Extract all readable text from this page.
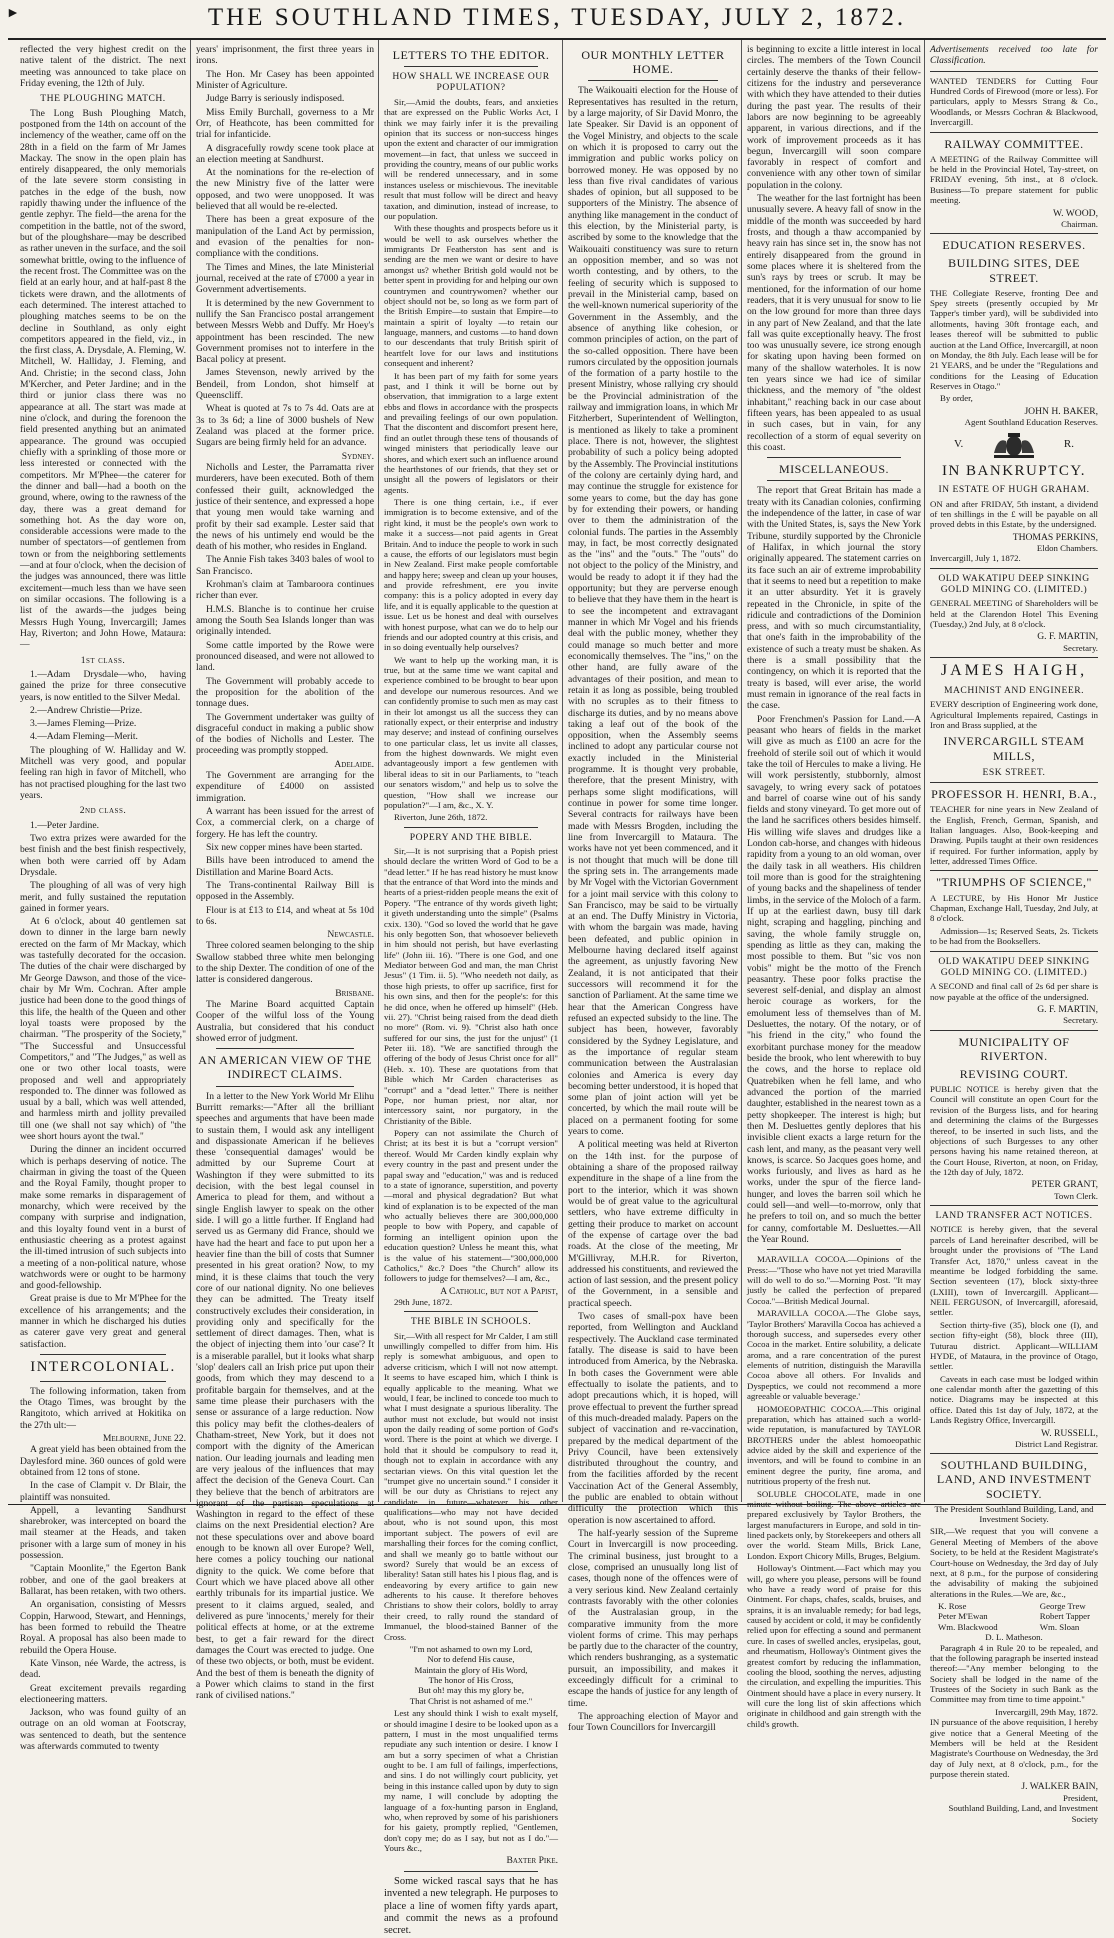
►	THE SOUTHLAND TIMES, TUESDAY, JULY 2, 1872.

reflected the very highest credit on the native talent of the district. The next meeting was announced to take place on Friday evening, the 12th of July.

THE PLOUGHING MATCH.

The Long Bush Ploughing Match, postponed from the 14th on account of the inclemency of the weather, came off on the 28th in a field on the farm of Mr James Mackay. The snow in the open plain has entirely disappeared, the only memorials of the late severe storm consisting in patches in the edge of the bush, now rapidly thawing under the influence of the gentle zephyr. The field—the arena for the competition in the battle, not of the sword, but of the ploughshare—may be described as rather uneven in the surface, and the soil somewhat brittle, owing to the influence of the recent frost. The Committee was on the field at an early hour, and at half-past 8 the tickets were drawn, and the allotments of each determined. The interest attached to ploughing matches seems to be on the decline in Southland, as only eight competitors appeared in the field, viz., in the first class, A. Drysdale, A. Fleming, W. Mitchell, W. Halliday, J. Fleming, and And. Christie; in the second class, John M'Kercher, and Peter Jardine; and in the third or junior class there was no appearance at all. The start was made at nine o'clock, and during the forenoon the field presented anything but an animated appearance. The ground was occupied chiefly with a sprinkling of those more or less interested or connected with the competitors. Mr M'Phee—the caterer for the dinner and ball—had a booth on the ground, where, owing to the rawness of the day, there was a great demand for something hot. As the day wore on, considerable accessions were made to the number of spectators—of gentlemen from town or from the neighboring settlements—and at four o'clock, when the decision of the judges was announced, there was little excitement—much less than we have seen on similar occasions. The following is a list of the awards—the judges being Messrs Hugh Young, Invercargill; James Hay, Riverton; and John Howe, Mataura:—

1st class.

1.—Adam Drysdale—who, having gained the prize for three consecutive years, is now entitled to the Silver Medal.

2.—Andrew Christie—Prize.

3.—James Fleming—Prize.

4.—Adam Fleming—Merit.

The ploughing of W. Halliday and W. Mitchell was very good, and popular feeling ran high in favor of Mitchell, who has not practised ploughing for the last two years.

2nd class.

1.—Peter Jardine.

Two extra prizes were awarded for the best finish and the best finish respectively, when both were carried off by Adam Drysdale.

The ploughing of all was of very high merit, and fully sustained the reputation gained in former years.

At 6 o'clock, about 40 gentlemen sat down to dinner in the large barn newly erected on the farm of Mr Mackay, which was tastefully decorated for the occasion. The duties of the chair were discharged by Mr George Dawson, and those of the vice-chair by Mr Wm. Cochran. After ample justice had been done to the good things of this life, the health of the Queen and other loyal toasts were proposed by the chairman. "The prosperity of the Society," "The Successful and Unsuccessful Competitors," and "The Judges," as well as one or two other local toasts, were proposed and well and appropriately responded to. The dinner was followed as usual by a ball, which was well attended, and harmless mirth and jollity prevailed till one (we shall not say which) of "the wee short hours ayont the twal."

During the dinner an incident occurred which is perhaps deserving of notice. The chairman in giving the toast of the Queen and the Royal Family, thought proper to make some remarks in disparagement of monarchy, which were received by the company with surprise and indignation, and this loyalty found vent in a burst of enthusiastic cheering as a protest against the ill-timed intrusion of such subjects into a meeting of a non-political nature, whose watchwords were or ought to be harmony and good-fellowship.

Great praise is due to Mr M'Phee for the excellence of his arrangements; and the manner in which he discharged his duties as caterer gave very great and general satisfaction.

INTERCOLONIAL.

The following information, taken from the Otago Times, was brought by the Rangitoto, which arrived at Hokitika on the 27th ult:—

Melbourne, June 22.

A great yield has been obtained from the Daylesford mine. 360 ounces of gold were obtained from 12 tons of stone.

In the case of Clampit v. Dr Blair, the plaintiff was nonsuited.

Appell, a levanting Sandhurst sharebroker, was intercepted on board the mail steamer at the Heads, and taken prisoner with a large sum of money in his possession.

"Captain Moonlite," the Egerton Bank robber, and one of the gaol breakers at Ballarat, has been retaken, with two others.

An organisation, consisting of Messrs Coppin, Harwood, Stewart, and Hennings, has been formed to rebuild the Theatre Royal. A proposal has also been made to rebuild the Opera House.

Kate Vinson, née Warde, the actress, is dead.

Great excitement prevails regarding electioneering matters.

Jackson, who was found guilty of an outrage on an old woman at Footscray, was sentenced to death, but the sentence was afterwards commuted to twenty

years' imprisonment, the first three years in irons.

The Hon. Mr Casey has been appointed Minister of Agriculture.

Judge Barry is seriously indisposed.

Miss Emily Burchall, governess to a Mr Orr, of Heathcote, has been committed for trial for infanticide.

A disgracefully rowdy scene took place at an election meeting at Sandhurst.

At the nominations for the re-election of the new Ministry five of the latter were opposed, and two were unopposed. It was believed that all would be re-elected.

There has been a great exposure of the manipulation of the Land Act by permission, and evasion of the penalties for non-compliance with the conditions.

The Times and Mines, the late Ministerial journal, received at the rate of £7000 a year in Government advertisements.

It is determined by the new Government to nullify the San Francisco postal arrangement between Messrs Webb and Duffy. Mr Hoey's appointment has been rescinded. The new Government promises not to interfere in the Bacal policy at present.

James Stevenson, newly arrived by the Bendeil, from London, shot himself at Queenscliff.

Wheat is quoted at 7s to 7s 4d. Oats are at 3s to 3s 6d; a line of 3000 bushels of New Zealand was placed at the former price. Sugars are being firmly held for an advance.

Sydney.

Nicholls and Lester, the Parramatta river murderers, have been executed. Both of them confessed their guilt, acknowledged the justice of their sentence, and expressed a hope that young men would take warning and profit by their sad example. Lester said that the news of his untimely end would be the death of his mother, who resides in England.

The Annie Fish takes 3403 bales of wool to San Francisco.

Krohman's claim at Tambaroora continues richer than ever.

H.M.S. Blanche is to continue her cruise among the South Sea Islands longer than was originally intended.

Some cattle imported by the Rowe were pronounced diseased, and were not allowed to land.

The Government will probably accede to the proposition for the abolition of the tonnage dues.

The Government undertaker was guilty of disgraceful conduct in making a public show of the bodies of Nicholls and Lester. The proceeding was promptly stopped.

Adelaide.

The Government are arranging for the expenditure of £4000 on assisted immigration.

A warrant has been issued for the arrest of Cox, a commercial clerk, on a charge of forgery. He has left the country.

Six new copper mines have been started.

Bills have been introduced to amend the Distillation and Marine Board Acts.

The Trans-continental Railway Bill is opposed in the Assembly.

Flour is at £13 to £14, and wheat at 5s 10d to 6s.

Newcastle.

Three colored seamen belonging to the ship Swallow stabbed three white men belonging to the ship Dexter. The condition of one of the latter is considered dangerous.

Brisbane.

The Marine Board acquitted Captain Cooper of the wilful loss of the Young Australia, but considered that his conduct showed error of judgment.

AN AMERICAN VIEW OF THE INDIRECT CLAIMS.

In a letter to the New York World Mr Elihu Burritt remarks:—"After all the brilliant speeches and arguments that have been made to sustain them, I would ask any intelligent and dispassionate American if he believes these 'consequential damages' would be admitted by our Supreme Court at Washington if they were submitted to its decision, with the best legal counsel in America to plead for them, and without a single English lawyer to speak on the other side. I will go a little further. If England had served us as Germany did France, should we have had the heart and face to put upon her a heavier fine than the bill of costs that Sumner presented in his great oration? Now, to my mind, it is these claims that touch the very core of our national dignity. No one believes they can be admitted. The Treaty itself constructively excludes their consideration, in providing only and specifically for the settlement of direct damages. Then, what is the object of injecting them into 'our case'? It is a miserable parallel, but it looks what sharp 'slop' dealers call an Irish price put upon their goods, from which they may descend to a profitable bargain for themselves, and at the same time please their purchasers with the sense or assurance of a large reduction. Now this policy may befit the clothes-dealers of Chatham-street, New York, but it does not comport with the dignity of the American nation. Our leading journals and leading men are very jealous of the influences that may affect the decision of the Geneva Court. Can they believe that the bench of arbitrators are ignorant of the partisan speculations at Washington in regard to the effect of these claims on the next Presidential election? Are not these speculations over and above board enough to be known all over Europe? Well, here comes a policy touching our national dignity to the quick. We come before that Court which we have placed above all other earthly tribunals for its impartial justice. We present to it claims argued, sealed, and delivered as pure 'innocents,' merely for their political effects at home, or at the extreme best, to get a fair reward for the direct damages the Court was erected to judge. One of these two objects, or both, must be evident. And the best of them is beneath the dignity of a Power which claims to stand in the first rank of civilised nations."

LETTERS TO THE EDITOR.
HOW SHALL WE INCREASE OUR POPULATION?

Sir,—Amid the doubts, fears, and anxieties that are expressed on the Public Works Act, I think we may fairly infer it is the prevailing opinion that its success or non-success hinges upon the extent and character of our immigration movement—in fact, that unless we succeed in providing the country, means of our public works will be rendered unnecessary, and in some instances useless or mischievous. The inevitable result that must follow will be direct and heavy taxation, and diminution, instead of increase, to our population.

With these thoughts and prospects before us it would be well to ask ourselves whether the immigrants Dr Featherston has sent and is sending are the men we want or desire to have amongst us? whether British gold would not be better spent in providing for and helping our own countrymen and countrywomen? whether our object should not be, so long as we form part of the British Empire—to sustain that Empire—to maintain a spirit of loyalty —to retain our language, manners, and customs —to hand down to our descendants that truly British spirit of heartfelt love for our laws and institutions consequent and inherent?

It has been part of my faith for some years past, and I think it will be borne out by observation, that immigration to a large extent ebbs and flows in accordance with the prospects and prevailing feelings of our own population. That the discontent and discomfort present here, find an outlet through these tens of thousands of winged ministers that periodically leave our shores, and which exert such an influence around the hearthstones of our friends, that they set or unsight all the powers of legislators or their agents.

There is one thing certain, i.e., if ever immigration is to become extensive, and of the right kind, it must be the people's own work to make it a success—not paid agents in Great Britain. And to induce the people to work in such a cause, the efforts of our legislators must begin in New Zealand. First make people comfortable and happy here; sweep and clean up your houses, and provide refreshment, ere you invite company: this is a policy adopted in every day life, and it is equally applicable to the question at issue. Let us be honest and deal with ourselves with honest purpose, what can we do to help our friends and our adopted country at this crisis, and in so doing eventually help ourselves?

We want to help up the working man, it is true, but at the same time we want capital and experience combined to be brought to bear upon and develope our numerous resources. And we can confidently promise to such men as may cast in their lot amongst us all the success they can rationally expect, or their enterprise and industry may deserve; and instead of confining ourselves to one particular class, let us invite all classes, from the highest downwards. We might even advantageously import a few gentlemen with liberal ideas to sit in our Parliaments, to "teach our senators wisdom," and help us to solve the question, "How shall we increase our population?"—I am, &c., X. Y.

Riverton, June 26th, 1872.

POPERY AND THE BIBLE.

Sir,—It is not surprising that a Popish priest should declare the written Word of God to be a "dead letter." If he has read history he must know that the entrance of that Word into the minds and hearts of a priest-ridden people means the exit of Popery. "The entrance of thy words giveth light; it giveth understanding unto the simple" (Psalms cxix. 130). "God so loved the world that he gave his only begotten Son, that whosoever believeth in him should not perish, but have everlasting life" (John iii. 16). "There is one God, and one Mediator between God and man, the man Christ Jesus" (1 Tim. ii. 5). "Who needeth not daily, as those high priests, to offer up sacrifice, first for his own sins, and then for the people's: for this he did once, when he offered up himself" (Heb. vii. 27). "Christ being raised from the dead dieth no more" (Rom. vi. 9). "Christ also hath once suffered for our sins, the just for the unjust" (1 Peter iii. 18). "We are sanctified through the offering of the body of Jesus Christ once for all" (Heb. x. 10). These are quotations from that Bible which Mr Carden characterises as "corrupt" and a "dead letter." There is neither Pope, nor human priest, nor altar, nor intercessory saint, nor purgatory, in the Christianity of the Bible.

Popery can not assimilate the Church of Christ; at its best it is but a "corrupt version" thereof. Would Mr Carden kindly explain why every country in the past and present under the papal sway and "education," was and is reduced to a state of ignorance, superstition, and poverty —moral and physical degradation? But what kind of explanation is to be expected of the man who actually believes there are 300,000,000 people to bow with Popery, and capable of forming an intelligent opinion upon the education question? Unless he meant this, what is the value of his statement—"300,000,000 Catholics," &c.? Does "the Church" allow its followers to judge for themselves?—I am, &c.,

A Catholic, but not a Papist,

29th June, 1872.

THE BIBLE IN SCHOOLS.

Sir,—With all respect for Mr Calder, I am still unwillingly compelled to differ from him. His reply is somewhat ambiguous, and open to adverse criticism, which I will not now attempt. It seems to have escaped him, which I think is equally applicable to the meaning. What we would, I fear, be inclined to concede too much to what I must designate a spurious liberality. The author must not exclude, but would not insist upon the daily reading of some portion of God's word. There is the point at which we diverge. I hold that it should be compulsory to read it, though not to explain in accordance with any sectarian views. On this vital question let the "trumpet give no uncertain sound." I consider it will be our duty as Christians to reject any candidate in future—whatever his other qualifications—who may not have decided about, who is not sound upon, this most important subject. The powers of evil are marshalling their forces for the coming conflict, and shall we meanly go to battle without our sword? Surely that would be an excess of liberality! Satan still hates his l pious flag, and is endeavoring by every artifice to gain new adherents to his cause. It therefore behoves Christians to show their colors, boldly to array their creed, to rally round the standard of Immanuel, the blood-stained Banner of the Cross.

"I'm not ashamed to own my Lord,
Nor to defend His cause,
Maintain the glory of His Word,
The honor of His Cross,
But oh! may this my glory be,
That Christ is not ashamed of me."

Lest any should think I wish to exalt myself, or should imagine I desire to be looked upon as a pattern, I must in the most unqualified terms repudiate any such intention or desire. I know I am but a sorry specimen of what a Christian ought to be. I am full of failings, imperfections, and sins. I do not willingly court publicity, yet being in this instance called upon by duty to sign my name, I will conclude by adopting the language of a fox-hunting parson in England, who, when reproved by some of his parishioners for his gaiety, promptly replied, "Gentlemen, don't copy me; do as I say, but not as I do."—Yours &c.,

Baxter Pike.

Some wicked rascal says that he has invented a new telegraph. He purposes to place a line of women fifty yards apart, and commit the news as a profound secret.

OUR MONTHLY LETTER HOME.

The Waikouaiti election for the House of Representatives has resulted in the return, by a large majority, of Sir David Monro, the late Speaker. Sir David is an opponent of the Vogel Ministry, and objects to the scale on which it is proposed to carry out the immigration and public works policy on borrowed money. He was opposed by no less than five rival candidates of various shades of opinion, but all supposed to be supporters of the Ministry. The absence of anything like management in the conduct of this election, by the Ministerial party, is ascribed by some to the knowledge that the Waikouaiti constituency was sure to return an opposition member, and so was not worth contesting, and by others, to the feeling of security which is supposed to prevail in the Ministerial camp, based on the well-known numerical superiority of the Government in the Assembly, and the absence of anything like cohesion, or common principles of action, on the part of the so-called opposition. There have been rumors circulated by the opposition journals of the formation of a party hostile to the present Ministry, whose rallying cry should be the Provincial administration of the railway and immigration loans, in which Mr Fitzherbert, Superintendent of Wellington, is mentioned as likely to take a prominent place. There is not, however, the slightest probability of such a policy being adopted by the Assembly. The Provincial institutions of the colony are certainly dying hard, and may continue the struggle for existence for some years to come, but the day has gone by for extending their powers, or handing over to them the administration of the colonial funds. The parties in the Assembly may, in fact, be most correctly designated as the "ins" and the "outs." The "outs" do not object to the policy of the Ministry, and would be ready to adopt it if they had the opportunity; but they are perverse enough to believe that they have them in the heart is to see the incompetent and extravagant manner in which Mr Vogel and his friends deal with the public money, whether they could manage so much better and more economically themselves. The "ins," on the other hand, are fully aware of the advantages of their position, and mean to retain it as long as possible, being troubled with no scruples as to their fitness to discharge its duties, and by no means above taking a leaf out of the book of the opposition, when the Assembly seems inclined to adopt any particular course not exactly included in the Ministerial programme. It is thought very probable, therefore, that the present Ministry, with perhaps some slight modifications, will continue in power for some time longer. Several contracts for railways have been made with Messrs Brogden, including the line from Invercargill to Mataura. The works have not yet been commenced, and it is not thought that much will be done till the spring sets in. The arrangements made by Mr Vogel with the Victorian Government for a joint mail service with this colony to San Francisco, may be said to be virtually at an end. The Duffy Ministry in Victoria, with whom the bargain was made, having been defeated, and public opinion in Melbourne having declared itself against the agreement, as unjustly favoring New Zealand, it is not anticipated that their successors will recommend it for the sanction of Parliament. At the same time we hear that the American Congress have refused an expected subsidy to the line. The subject has been, however, favorably considered by the Sydney Legislature, and as the importance of regular steam communication between the Australasian colonies and America is every day becoming better understood, it is hoped that some plan of joint action will yet be concerted, by which the mail route will be placed on a permanent footing for some years to come.

A political meeting was held at Riverton on the 14th inst. for the purpose of obtaining a share of the proposed railway expenditure in the shape of a line from the port to the interior, which it was shown would be of great value to the agricultural settlers, who have extreme difficulty in getting their produce to market on account of the expense of cartage over the bad roads. At the close of the meeting, Mr M'Gillivray, M.H.R. for Riverton, addressed his constituents, and reviewed the action of last session, and the present policy of the Government, in a sensible and practical speech.

Two cases of small-pox have been reported, from Wellington and Auckland respectively. The Auckland case terminated fatally. The disease is said to have been introduced from America, by the Nebraska. In both cases the Government were able effectually to isolate the patients, and to adopt precautions which, it is hoped, will prove effectual to prevent the further spread of this much-dreaded malady. Papers on the subject of vaccination and re-vaccination, prepared by the medical department of the Privy Council, have been extensively distributed throughout the country, and from the facilities afforded by the recent Vaccination Act of the General Assembly, the public are enabled to obtain without difficulty the protection which this operation is now ascertained to afford.

The half-yearly session of the Supreme Court in Invercargill is now proceeding. The criminal business, just brought to a close, comprised an unusually long list of cases, though none of the offences were of a very serious kind. New Zealand certainly contrasts favorably with the other colonies of the Australasian group, in the comparative immunity from the more violent forms of crime. This may perhaps be partly due to the character of the country, which renders bushranging, as a systematic pursuit, an impossibility, and makes it exceedingly difficult for a criminal to escape the hands of justice for any length of time.

The approaching election of Mayor and four Town Councillors for Invercargill

is beginning to excite a little interest in local circles. The members of the Town Council certainly deserve the thanks of their fellow-citizens for the industry and perseverance with which they have attended to their duties during the past year. The results of their labors are now beginning to be agreeably apparent, in various directions, and if the work of improvement proceeds as it has begun, Invercargill will soon compare favorably in respect of comfort and convenience with any other town of similar population in the colony.

The weather for the last fortnight has been unusually severe. A heavy fall of snow in the middle of the month was succeeded by hard frosts, and though a thaw accompanied by heavy rain has since set in, the snow has not entirely disappeared from the ground in some places where it is sheltered from the sun's rays by trees or scrub. It may be mentioned, for the information of our home readers, that it is very unusual for snow to lie on the low ground for more than three days in any part of New Zealand, and that the late fall was quite exceptionally heavy. The frost too was unusually severe, ice strong enough for skating upon having been formed on many of the shallow waterholes. It is now ten years since we had ice of similar thickness, and the memory of "the oldest inhabitant," reaching back in our case about fifteen years, has been appealed to as usual in such cases, but in vain, for any recollection of a storm of equal severity on this coast.

MISCELLANEOUS.

The report that Great Britain has made a treaty with its Canadian colonies, confirming the independence of the latter, in case of war with the United States, is, says the New York Tribune, sturdily supported by the Chronicle of Halifax, in which journal the story originally appeared. The statement carries on its face such an air of extreme improbability that it seems to need but a repetition to make it an utter absurdity. Yet it is gravely repeated in the Chronicle, in spite of the ridicule and contradictions of the Dominion press, and with so much circumstantiality, that one's faith in the improbability of the existence of such a treaty must be shaken. As there is a small possibility that the contingency, on which it is reported that the treaty is based, will ever arise, the world must remain in ignorance of the real facts in the case.

Poor Frenchmen's Passion for Land.—A peasant who hears of fields in the market will give as much as £100 an acre for the freehold of sterile soil out of which it would take the toil of Hercules to make a living. He will work persistently, stubbornly, almost savagely, to wring every sack of potatoes and barrel of coarse wine out of his sandy fields and stony vineyard. To get more out of the land he sacrifices others besides himself. His willing wife slaves and drudges like a London cab-horse, and changes with hideous rapidity from a young to an old woman, over the daily task in all weathers. His children toil more than is good for the straightening of young backs and the shapeliness of tender limbs, in the service of the Moloch of a farm. If up at the earliest dawn, busy till dark night, scraping and haggling, pinching and saving, the whole family struggle on, spending as little as they can, making the most possible to them. But "sic vos non vobis" might be the motto of the French peasantry. These poor folks practise the severest self-denial, and display an almost heroic courage as workers, for the emolument less of themselves than of M. Desluettes, the notary. Of the notary, or of "his friend in the city," who found the exorbitant purchase money for the meadow beside the brook, who lent wherewith to buy the cows, and the horse to replace old Quatrebiken when he fell lame, and who advanced the portion of the married daughter, established in the nearest town as a petty shopkeeper. The interest is high; but then M. Desluettes gently deplores that his invisible client exacts a large return for the cash lent, and many, as the peasant very well knows, is scarce. So Jacques goes home, and works furiously, and lives as hard as he works, under the spur of the fierce land-hunger, and loves the barren soil which he could sell—and well—to-morrow, only that he prefers to toil on, and so much the better for canny, comfortable M. Desluettes.—All the Year Round.

MARAVILLA COCOA.—Opinions of the Press:—"Those who have not yet tried Maravilla will do well to do so."—Morning Post. "It may justly be called the perfection of prepared Cocoa."—British Medical Journal.

MARAVILLA COCOA.—The Globe says, 'Taylor Brothers' Maravilla Cocoa has achieved a thorough success, and supersedes every other Cocoa in the market. Entire solubility, a delicate aroma, and a rare concentration of the purest elements of nutrition, distinguish the Maravilla Cocoa above all others. For Invalids and Dyspeptics, we could not recommend a more agreeable or valuable beverage.'

HOMOEOPATHIC COCOA.—This original preparation, which has attained such a world-wide reputation, is manufactured by TAYLOR BROTHERS under the ablest homoeopathic advice aided by the skill and experience of the inventors, and will be found to combine in an eminent degree the purity, fine aroma, and nutritious property of the fresh nut.

SOLUBLE CHOCOLATE, made in one minute without boiling. The above articles are prepared exclusively by Taylor Brothers, the largest manufacturers in Europe, and sold in tin-lined packets only, by Storekeepers and others all over the world. Steam Mills, Brick Lane, London. Export Chicory Mills, Bruges, Belgium.

Holloway's Ointment.—Fact which may you will, go where you please, persons will be found who have a ready word of praise for this Ointment. For chaps, chafes, scalds, bruises, and sprains, it is an invaluable remedy; for bad legs, caused by accident or cold, it may be confidently relied upon for effecting a sound and permanent cure. In cases of swelled ancles, erysipelas, gout, and rheumatism, Holloway's Ointment gives the greatest comfort by reducing the inflammation, cooling the blood, soothing the nerves, adjusting the circulation, and expelling the impurities. This Ointment should have a place in every nursery. It will cure the long list of skin affections which originate in childhood and gain strength with the child's growth.

Advertisements received too late for Classification.

WANTED TENDERS for Cutting Four Hundred Cords of Firewood (more or less). For particulars, apply to Messrs Strang & Co., Woodlands, or Messrs Cochran & Blackwood, Invercargill.

RAILWAY COMMITTEE.

A MEETING of the Railway Committee will be held in the Provincial Hotel, Tay-street, on FRIDAY evening, 5th inst., at 8 o'clock. Business—To prepare statement for public meeting.

W. WOOD,
Chairman.
EDUCATION RESERVES.
BUILDING SITES, DEE STREET.

THE Collegiate Reserve, fronting Dee and Spey streets (presently occupied by Mr Tapper's timber yard), will be subdivided into allotments, having 30ft frontage each, and leases thereof will be submitted to public auction at the Land Office, Invercargill, at noon on Monday, the 8th July. Each lease will be for 21 YEARS, and be under the "Regulations and conditions for the Leasing of Education Reserves in Otago."

By order,

JOHN H. BAKER,
Agent Southland Education Reserves.
V.	R.
IN BANKRUPTCY.
IN ESTATE OF HUGH GRAHAM.

ON and after FRIDAY, 5th instant, a dividend of ten shillings in the £ will be payable on all proved debts in this Estate, by the undersigned.

THOMAS PERKINS,
Eldon Chambers.

Invercargill, July 1, 1872.

OLD WAKATIPU DEEP SINKING GOLD MINING CO. (LIMITED.)

GENERAL MEETING of Shareholders will be held at the Clarendon Hotel This Evening (Tuesday,) 2nd July, at 8 o'clock.

G. F. MARTIN,
Secretary.
JAMES HAIGH,
MACHINIST AND ENGINEER.

EVERY description of Engineering work done, Agricultural Implements repaired, Castings in Iron and Brass supplied, at the

INVERCARGILL STEAM MILLS,
ESK STREET.
PROFESSOR H. HENRI, B.A.,

TEACHER for nine years in New Zealand of the English, French, German, Spanish, and Italian languages. Also, Book-keeping and Drawing. Pupils taught at their own residences if required. For further information, apply by letter, addressed Times Office.

"TRIUMPHS OF SCIENCE,"

A LECTURE, by His Honor Mr Justice Chapman, Exchange Hall, Tuesday, 2nd July, at 8 o'clock.

Admission—1s; Reserved Seats, 2s. Tickets to be had from the Booksellers.

OLD WAKATIPU DEEP SINKING GOLD MINING CO. (LIMITED.)

A SECOND and final call of 2s 6d per share is now payable at the office of the undersigned.

G. F. MARTIN,
Secretary.
MUNICIPALITY OF RIVERTON.
REVISING COURT.

PUBLIC NOTICE is hereby given that the Council will constitute an open Court for the revision of the Burgess lists, and for hearing and determining the claims of the Burgesses thereof, to be inserted in such lists, and the objections of such Burgesses to any other persons having his name retained thereon, at the Court House, Riverton, at noon, on Friday, the 12th day of July, 1872.

PETER GRANT,
Town Clerk.
LAND TRANSFER ACT NOTICES.

NOTICE is hereby given, that the several parcels of Land hereinafter described, will be brought under the provisions of "The Land Transfer Act, 1870," unless caveat in the meantime be lodged forbidding the same. Section seventeen (17), block sixty-three (LXIII), town of Invercargill. Applicant—NEIL FERGUSON, of Invercargill, aforesaid, settler.

Section thirty-five (35), block one (I), and section fifty-eight (58), block three (III), Tuturau district. Applicant—WILLIAM HYDE, of Mataura, in the province of Otago, settler.

Caveats in each case must be lodged within one calendar month after the gazetting of this notice. Diagrams may be inspected at this office. Dated this 1st day of July, 1872, at the Lands Registry Office, Invercargill.

W. RUSSELL,
District Land Registrar.
SOUTHLAND BUILDING, LAND, AND INVESTMENT SOCIETY.

The President Southland Building, Land, and Investment Society.

SIR,—We request that you will convene a General Meeting of Members of the above Society, to be held at the Resident Magistrate's Court-house on Wednesday, the 3rd day of July next, at 8 p.m., for the purpose of considering the advisability of making the subjoined alterations in the Rules.—We are, &c.,

K. Rose
Peter M'Ewan
Wm. Blackwood
George Trew
Robert Tapper
Wm. Sloan
D. L. Matheson.

Paragraph 4 in Rule 20 to be repealed, and that the following paragraph be inserted instead thereof:—"Any member belonging to the Society shall be lodged in the name of the Trustees of the Society in such Bank as the Committee may from time to time appoint."

Invercargill, 29th May, 1872.

IN pursuance of the above requisition, I hereby give notice that a General Meeting of the Members will be held at the Resident Magistrate's Courthouse on Wednesday, the 3rd day of July next, at 8 o'clock, p.m., for the purpose therein stated.

J. WALKER BAIN,
President,
Southland Building, Land, and Investment Society
